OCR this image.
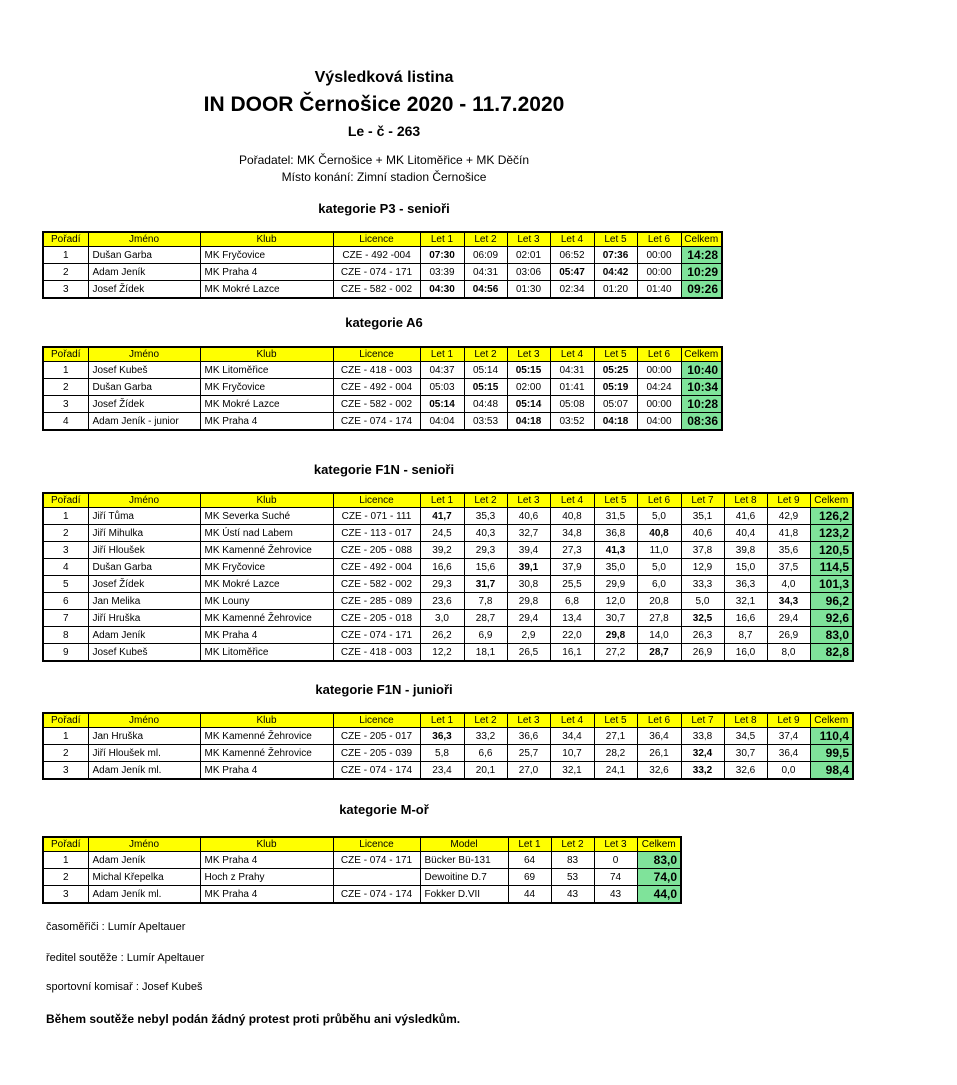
Výsledková listina
IN DOOR Černošice 2020 - 11.7.2020
Le - č - 263
Pořadatel: MK Černošice + MK Litoměřice + MK Děčín
Místo konání: Zimní stadion Černošice
kategorie P3 - senioři
Pořadí	Jméno	Klub	Licence	Let 1	Let 2	Let 3	Let 4	Let 5	Let 6	Celkem
1	Dušan Garba	MK Fryčovice	CZE - 492 -004	07:30	06:09	02:01	06:52	07:36	00:00	14:28
2	Adam Jeník	MK Praha 4	CZE - 074 - 171	03:39	04:31	03:06	05:47	04:42	00:00	10:29
3	Josef Žídek	MK Mokré Lazce	CZE - 582 - 002	04:30	04:56	01:30	02:34	01:20	01:40	09:26
kategorie A6
Pořadí	Jméno	Klub	Licence	Let 1	Let 2	Let 3	Let 4	Let 5	Let 6	Celkem
1	Josef Kubeš	MK Litoměřice	CZE - 418 - 003	04:37	05:14	05:15	04:31	05:25	00:00	10:40
2	Dušan Garba	MK Fryčovice	CZE - 492 - 004	05:03	05:15	02:00	01:41	05:19	04:24	10:34
3	Josef Žídek	MK Mokré Lazce	CZE - 582 - 002	05:14	04:48	05:14	05:08	05:07	00:00	10:28
4	Adam Jeník - junior	MK Praha 4	CZE - 074 - 174	04:04	03:53	04:18	03:52	04:18	04:00	08:36
kategorie F1N - senioři
Pořadí	Jméno	Klub	Licence	Let 1	Let 2	Let 3	Let 4	Let 5	Let 6	Let 7	Let 8	Let 9	Celkem
1	Jiří Tůma	MK Severka Suché	CZE - 071 - 111	41,7	35,3	40,6	40,8	31,5	5,0	35,1	41,6	42,9	126,2
2	Jiří Mihulka	MK Ústí nad Labem	CZE - 113 - 017	24,5	40,3	32,7	34,8	36,8	40,8	40,6	40,4	41,8	123,2
3	Jiří Hloušek	MK Kamenné Žehrovice	CZE - 205 - 088	39,2	29,3	39,4	27,3	41,3	11,0	37,8	39,8	35,6	120,5
4	Dušan Garba	MK Fryčovice	CZE - 492 - 004	16,6	15,6	39,1	37,9	35,0	5,0	12,9	15,0	37,5	114,5
5	Josef Žídek	MK Mokré Lazce	CZE - 582 - 002	29,3	31,7	30,8	25,5	29,9	6,0	33,3	36,3	4,0	101,3
6	Jan Melika	MK Louny	CZE - 285 - 089	23,6	7,8	29,8	6,8	12,0	20,8	5,0	32,1	34,3	96,2
7	Jiří Hruška	MK Kamenné Žehrovice	CZE - 205 - 018	3,0	28,7	29,4	13,4	30,7	27,8	32,5	16,6	29,4	92,6
8	Adam Jeník	MK Praha 4	CZE - 074 - 171	26,2	6,9	2,9	22,0	29,8	14,0	26,3	8,7	26,9	83,0
9	Josef Kubeš	MK Litoměřice	CZE - 418 - 003	12,2	18,1	26,5	16,1	27,2	28,7	26,9	16,0	8,0	82,8
kategorie F1N - junioři
Pořadí	Jméno	Klub	Licence	Let 1	Let 2	Let 3	Let 4	Let 5	Let 6	Let 7	Let 8	Let 9	Celkem
1	Jan Hruška	MK Kamenné Žehrovice	CZE - 205 - 017	36,3	33,2	36,6	34,4	27,1	36,4	33,8	34,5	37,4	110,4
2	Jiří Hloušek ml.	MK Kamenné Žehrovice	CZE - 205 - 039	5,8	6,6	25,7	10,7	28,2	26,1	32,4	30,7	36,4	99,5
3	Adam Jeník ml.	MK Praha 4	CZE - 074 - 174	23,4	20,1	27,0	32,1	24,1	32,6	33,2	32,6	0,0	98,4
kategorie M-oř
Pořadí	Jméno	Klub	Licence	Model	Let 1	Let 2	Let 3	Celkem
1	Adam Jeník	MK Praha 4	CZE - 074 - 171	Bücker Bü-131	64	83	0	83,0
2	Michal Křepelka	Hoch z Prahy		Dewoitine D.7	69	53	74	74,0
3	Adam Jeník ml.	MK Praha 4	CZE - 074 - 174	Fokker D.VII	44	43	43	44,0
časoměřiči : Lumír Apeltauer
ředitel soutěže : Lumír Apeltauer
sportovní komisař : Josef Kubeš
Během soutěže nebyl podán žádný protest proti průběhu ani výsledkům.
